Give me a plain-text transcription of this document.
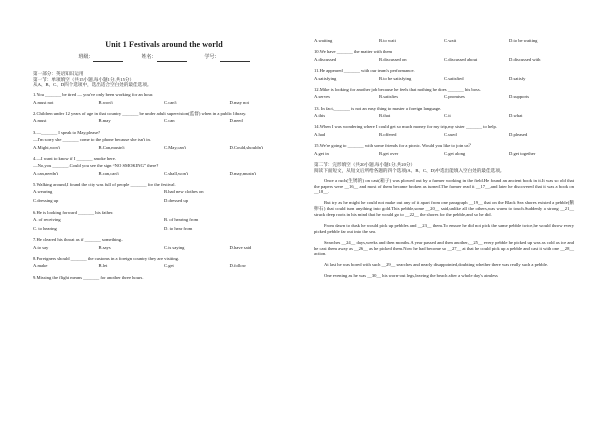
Unit 1 Festivals around the world
班级：	姓名：	学号：
第一部分：英语知识运用
第一节：单项填空（共15小题,每小题1分,共15分）
从A、B、C、D四个选项中，选出适合空白处的最佳选项。
1.You _______ be tired — you've only been working for an hour.
A.must not	B.won't	C.can't	D.may not
2.Children under 12 years of age in that country _______ be under adult supervision(监督) when in a public library.
A.must	B.may	C.can	D.need
3.—_______ I speak to May,please?
—I'm sorry she _______ come to the phone because she isn't in.
A.Might,won't	B.Can,mustn't	C.May,can't	D.Could,shouldn't
4.—I want to know if I _______ smoke here.
—No,you _______.Could you see the sign “NO SMOKING” there?
A.can,needn't	B.can,can't	C.shall,won't	D.may,mustn't
5.Walking around,I found the city was full of people _______ for the festival.
A.wearing	B.had new clothes on
C.dressing up	D.dressed up
6.He is looking forward _______ his father.
A. of receiving	B. of hearing from
C. to hearing	D. to hear from
7.He cleared his throat as if _______ something..
A.to say	B.says	C.is saying	D.have said
8.Foreigners should _______ the customs in a foreign country they are visiting.
A.make	B.let	C.get	D.follow
9.Missing the flight means _______ for another three hours.
A.waiting	B.to wait	C.wait	D.to be waiting
10.We have _______ the matter with them
A.discussed	B.discussed on	C.discussed about	D.discussed with
11.He appeared _______ with our team's performance.
A.satisfying	B.to be satisfying	C.satisfied	D.satisfy
12.Mike is looking for another job because he feels that nothing he does _______ his boss.
A.serves	B.satisfies	C.promises	D.supports
13. In fact,_______ is not an easy thing to master a foreign language.
A.this	B.that	C.it	D.what
14.When I was wondering where I could get so much money for my trip,my sister _______ to help.
A.had	B.offered	C.used	D.pleased
15.We're going to _______ with some friends for a picnic. Would you like to join us？
A.get in	B.get over	C.get along	D.get together
第二节：完形填空（共20小题,每小题1分,共20分）
阅读下面短文，从短文后所给各题的四个选项(A、B、C、D)中选出能填入空白处的最佳选项。
Once a ruch(生锈的) on cast(箱子) was plowed out by a farmer working in the field.He found an ancient book in it.It was so old that the papers were __16__ and most of them became broken as turned.The farmer read it __17__,and later he discovered that it was a book on __18__.
But try as he might he could not make out any of it apart from one paragraph __19__ that on the Black Sea shores existed a pebble(鹅卵石) that could turn anything into gold.This pebble,some __20__ said,unlike all the others,was warm to touch.Suddenly a strong __21__ struck deep roots in his mind that he would go to __22__ the shores for the pebble,and so he did.
From dawn to dusk he would pick up pebbles and __23__ them.To ensure he did not pick the same pebble twice,he would throw every picked pebble far out into the sea.
Searches __24__ days,weeks and then months.A year passed and then another,__25__ every pebble he picked up was as cold as ice and he cast them away as __26__ as he picked them.Now he had become so __27__ at that he could pick up a pebble and cast it with one __28__ action.
At last he was bored with such __29__ searches and nearly disappointed,doubting whether there was really such a pebble.
One evening as he was __30__ his worn-out legs,leaving the beach after a whole day's aimless
